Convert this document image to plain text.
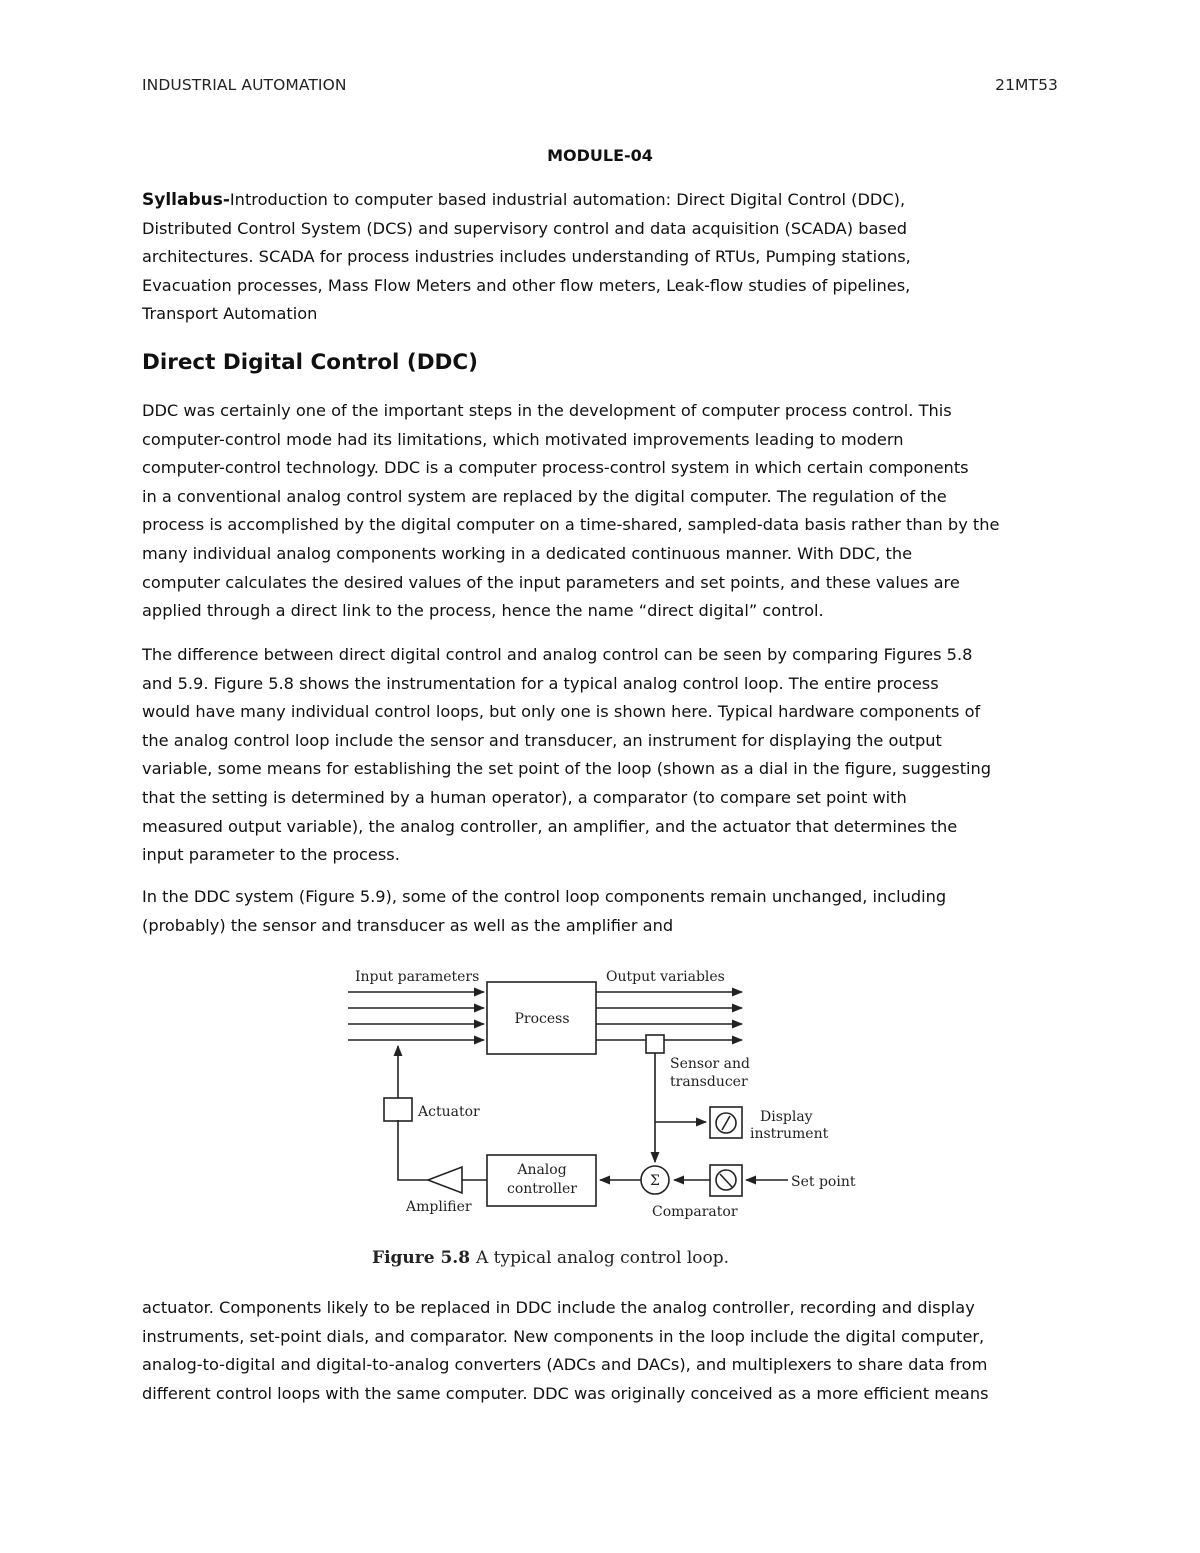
INDUSTRIAL AUTOMATION	21MT53
MODULE-04
Syllabus-Introduction to computer based industrial automation: Direct Digital Control (DDC),
Distributed Control System (DCS) and supervisory control and data acquisition (SCADA) based
architectures. SCADA for process industries includes understanding of RTUs, Pumping stations,
Evacuation processes, Mass Flow Meters and other flow meters, Leak-flow studies of pipelines,
Transport Automation
Direct Digital Control (DDC)
DDC was certainly one of the important steps in the development of computer process control. This
computer-control mode had its limitations, which motivated improvements leading to modern
computer-control technology. DDC is a computer process-control system in which certain components
in a conventional analog control system are replaced by the digital computer. The regulation of the
process is accomplished by the digital computer on a time-shared, sampled-data basis rather than by the
many individual analog components working in a dedicated continuous manner. With DDC, the
computer calculates the desired values of the input parameters and set points, and these values are
applied through a direct link to the process, hence the name “direct digital” control.
The difference between direct digital control and analog control can be seen by comparing Figures 5.8
and 5.9. Figure 5.8 shows the instrumentation for a typical analog control loop. The entire process
would have many individual control loops, but only one is shown here. Typical hardware components of
the analog control loop include the sensor and transducer, an instrument for displaying the output
variable, some means for establishing the set point of the loop (shown as a dial in the figure, suggesting
that the setting is determined by a human operator), a comparator (to compare set point with
measured output variable), the analog controller, an amplifier, and the actuator that determines the
input parameter to the process.
In the DDC system (Figure 5.9), some of the control loop components remain unchanged, including
(probably) the sensor and transducer as well as the amplifier and
Input parameters	Output variables
Process
Sensor and
transducer
Actuator	Display
instrument
Analog
controller	Σ	Set point
Amplifier	Comparator
Figure 5.8 A typical analog control loop.
actuator. Components likely to be replaced in DDC include the analog controller, recording and display
instruments, set-point dials, and comparator. New components in the loop include the digital computer,
analog-to-digital and digital-to-analog converters (ADCs and DACs), and multiplexers to share data from
different control loops with the same computer. DDC was originally conceived as a more efficient means
